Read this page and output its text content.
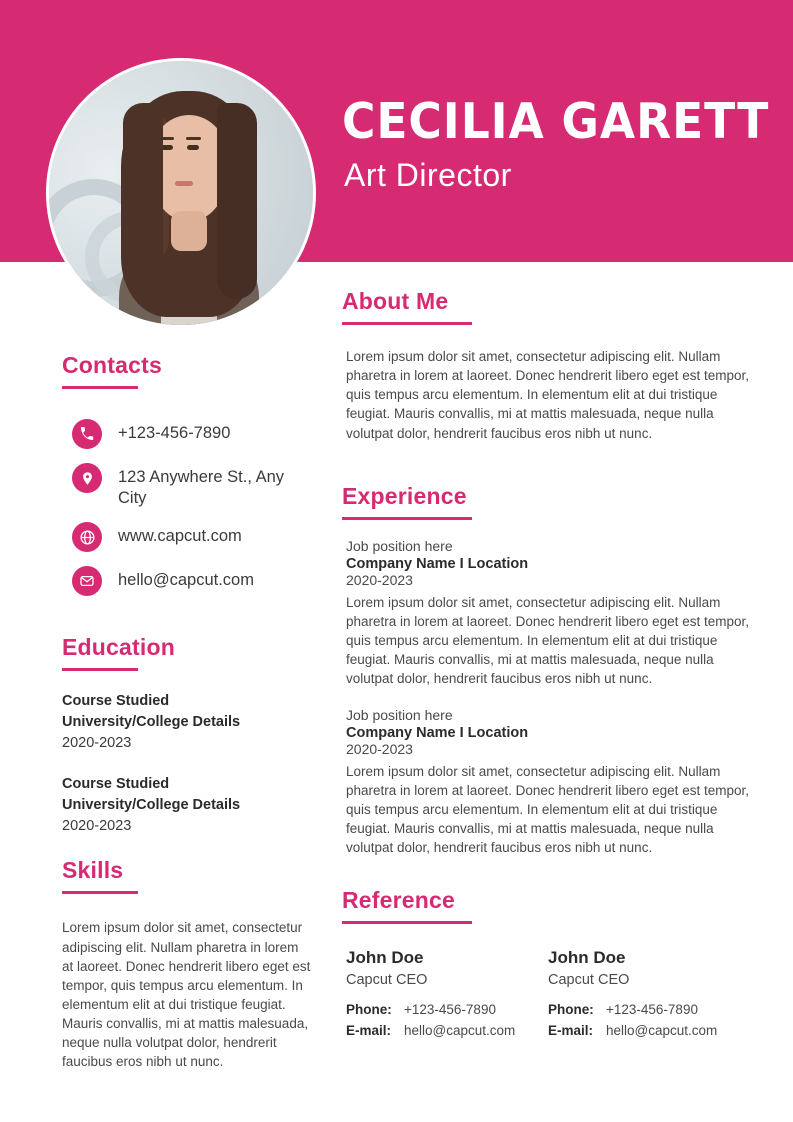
CECILIA GARETT
Art Director
Contacts
+123-456-7890
123 Anywhere St., Any City
www.capcut.com
hello@capcut.com
Education
Course Studied
University/College Details
2020-2023
Course Studied
University/College Details
2020-2023
Skills

Lorem ipsum dolor sit amet, consectetur adipiscing elit. Nullam pharetra in lorem at laoreet. Donec hendrerit libero eget est tempor, quis tempus arcu elementum. In elementum elit at dui tristique feugiat. Mauris convallis, mi at mattis malesuada, neque nulla volutpat dolor, hendrerit faucibus eros nibh ut nunc.

About Me

Lorem ipsum dolor sit amet, consectetur adipiscing elit. Nullam pharetra in lorem at laoreet. Donec hendrerit libero eget est tempor, quis tempus arcu elementum. In elementum elit at dui tristique feugiat. Mauris convallis, mi at mattis malesuada, neque nulla volutpat dolor, hendrerit faucibus eros nibh ut nunc.

Experience
Job position here
Company Name I Location
2020-2023

Lorem ipsum dolor sit amet, consectetur adipiscing elit. Nullam pharetra in lorem at laoreet. Donec hendrerit libero eget est tempor, quis tempus arcu elementum. In elementum elit at dui tristique feugiat. Mauris convallis, mi at mattis malesuada, neque nulla volutpat dolor, hendrerit faucibus eros nibh ut nunc.

Job position here
Company Name I Location
2020-2023

Lorem ipsum dolor sit amet, consectetur adipiscing elit. Nullam pharetra in lorem at laoreet. Donec hendrerit libero eget est tempor, quis tempus arcu elementum. In elementum elit at dui tristique feugiat. Mauris convallis, mi at mattis malesuada, neque nulla volutpat dolor, hendrerit faucibus eros nibh ut nunc.

Reference
John Doe
Capcut CEO
Phone: +123-456-7890
E-mail: hello@capcut.com
John Doe
Capcut CEO
Phone: +123-456-7890
E-mail: hello@capcut.com
